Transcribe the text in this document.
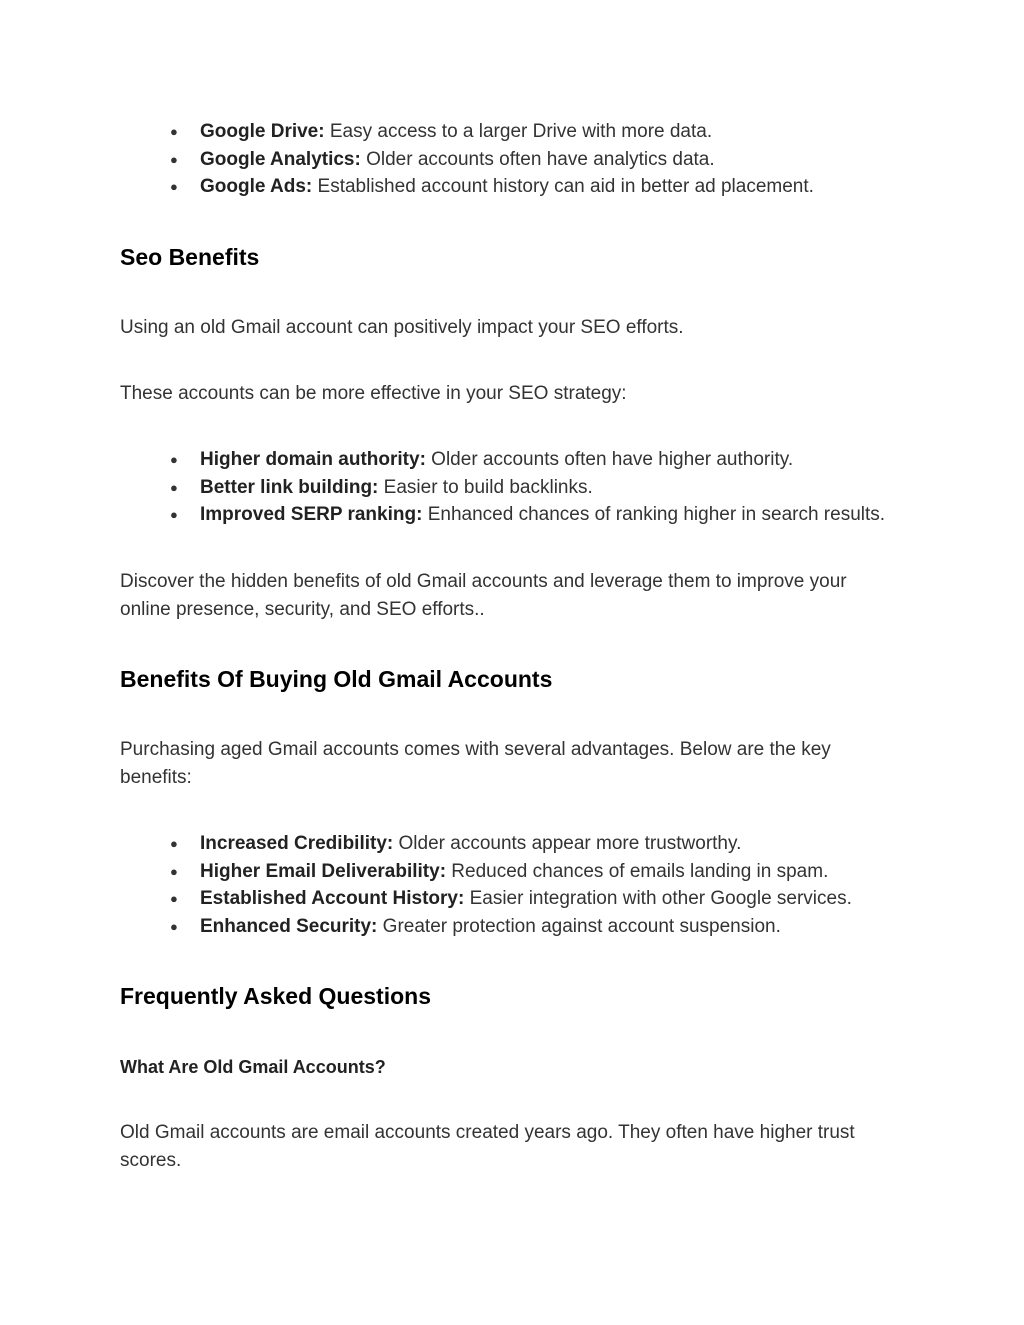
● Google Drive: Easy access to a larger Drive with more data.
● Google Analytics: Older accounts often have analytics data.
● Google Ads: Established account history can aid in better ad placement.
Seo Benefits

Using an old Gmail account can positively impact your SEO efforts.

These accounts can be more effective in your SEO strategy:

● Higher domain authority: Older accounts often have higher authority.
● Better link building: Easier to build backlinks.
● Improved SERP ranking: Enhanced chances of ranking higher in search results.
Discover the hidden benefits of old Gmail accounts and leverage them to improve your
online presence, security, and SEO efforts..
Benefits Of Buying Old Gmail Accounts
Purchasing aged Gmail accounts comes with several advantages. Below are the key
benefits:
● Increased Credibility: Older accounts appear more trustworthy.
● Higher Email Deliverability: Reduced chances of emails landing in spam.
● Established Account History: Easier integration with other Google services.
● Enhanced Security: Greater protection against account suspension.
Frequently Asked Questions
What Are Old Gmail Accounts?
Old Gmail accounts are email accounts created years ago. They often have higher trust
scores.
